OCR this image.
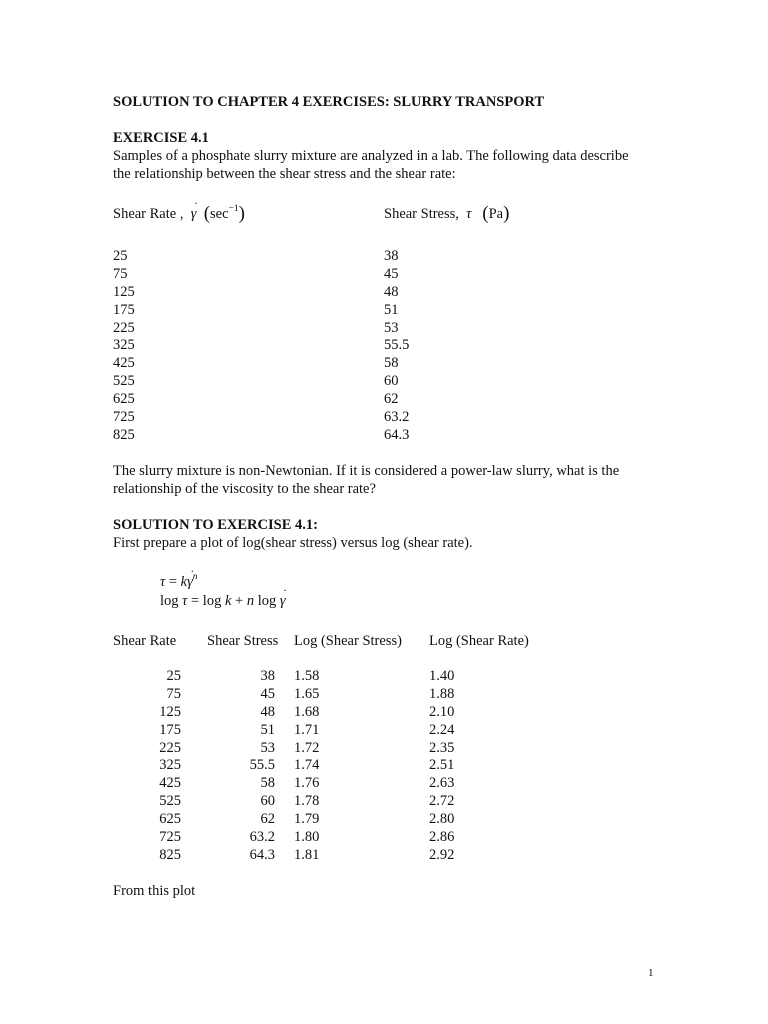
SOLUTION TO CHAPTER 4 EXERCISES: SLURRY TRANSPORT
EXERCISE 4.1
Samples of a phosphate slurry mixture are analyzed in a lab. The following data describe
the relationship between the shear stress and the shear rate:
Shear Rate , ˙ γ $(\sec^{-1})$	Shear Stress, τ (Pa)
25
75
125
175
225
325
425
525
625
725
825
38
45
48
51
53
55.5
58
60
62
63.2
64.3
The slurry mixture is non-Newtonian. If it is considered a power-law slurry, what is the
relationship of the viscosity to the shear rate?
SOLUTION TO EXERCISE 4.1:
First prepare a plot of log(shear stress) versus log (shear rate).
τ = k˙ $\gamma^n$
log τ = log k + n log ˙ γ
Shear Rate Shear Stress Log (Shear Stress) Log (Shear Rate)
25
75
125
175
225
325
425
525
625
725
825
38
45
48
51
53
55.5
58
60
62
63.2
64.3
1.58
1.65
1.68
1.71
1.72
1.74
1.76
1.78
1.79
1.80
1.81
1.40
1.88
2.10
2.24
2.35
2.51
2.63
2.72
2.80
2.86
2.92
From this plot
1
